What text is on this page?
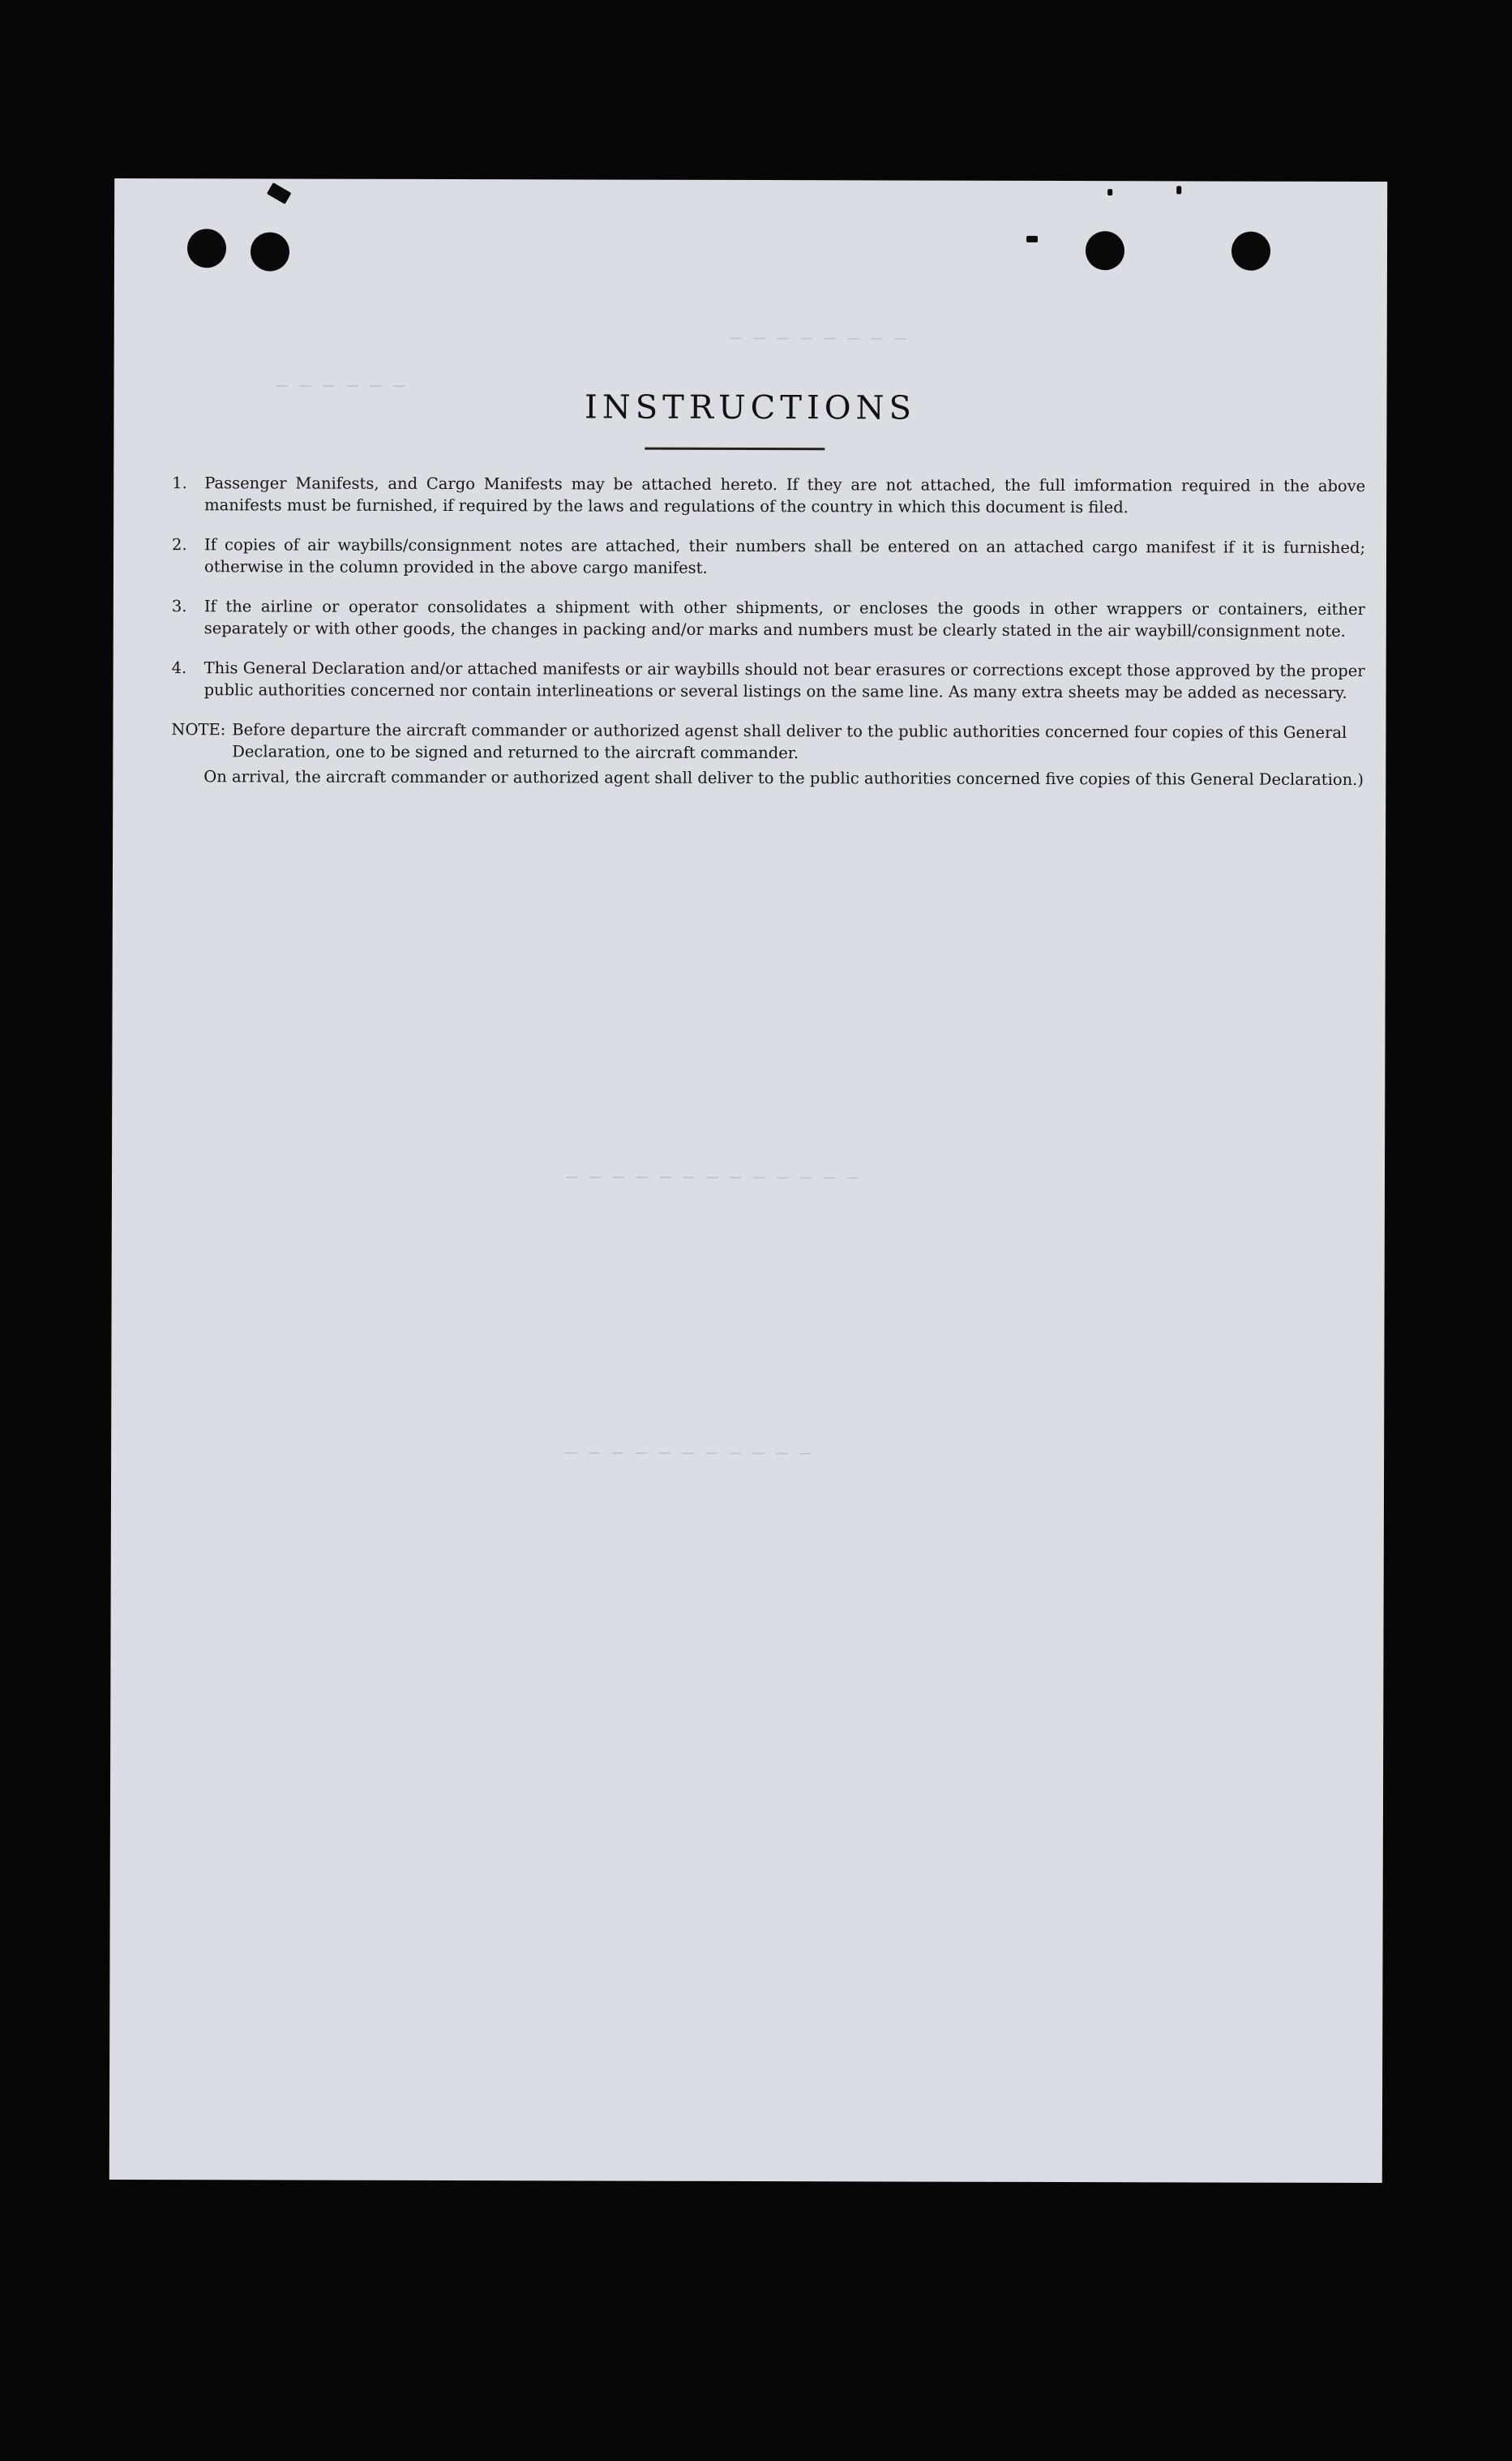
— — — — — — — —
— — — — — —
— — — — — — — — — — — — —
— — — — — — — — — — —
INSTRUCTIONS
1.	Passenger Manifests, and Cargo Manifests may be attached hereto. If they are not attached, the full imformation required in the above manifests must be furnished, if required by the laws and regulations of the country in which this document is filed.
2.	If copies of air waybills/consignment notes are attached, their numbers shall be entered on an attached cargo manifest if it is furnished; otherwise in the column provided in the above cargo manifest.
3.	If the airline or operator consolidates a shipment with other shipments, or encloses the goods in other wrappers or containers, either separately or with other goods, the changes in packing and/or marks and numbers must be clearly stated in the air waybill/consignment note.
4.	This General Declaration and/or attached manifests or air waybills should not bear erasures or corrections except those approved by the proper public authorities concerned nor contain interlineations or several listings on the same line. As many extra sheets may be added as necessary.
NOTE: Before departure the aircraft commander or authorized agenst shall deliver to the public authorities concerned four copies of this General Declaration, one to be signed and returned to the aircraft commander.
On arrival, the aircraft commander or authorized agent shall deliver to the public authorities concerned five copies of this General Declaration.)
